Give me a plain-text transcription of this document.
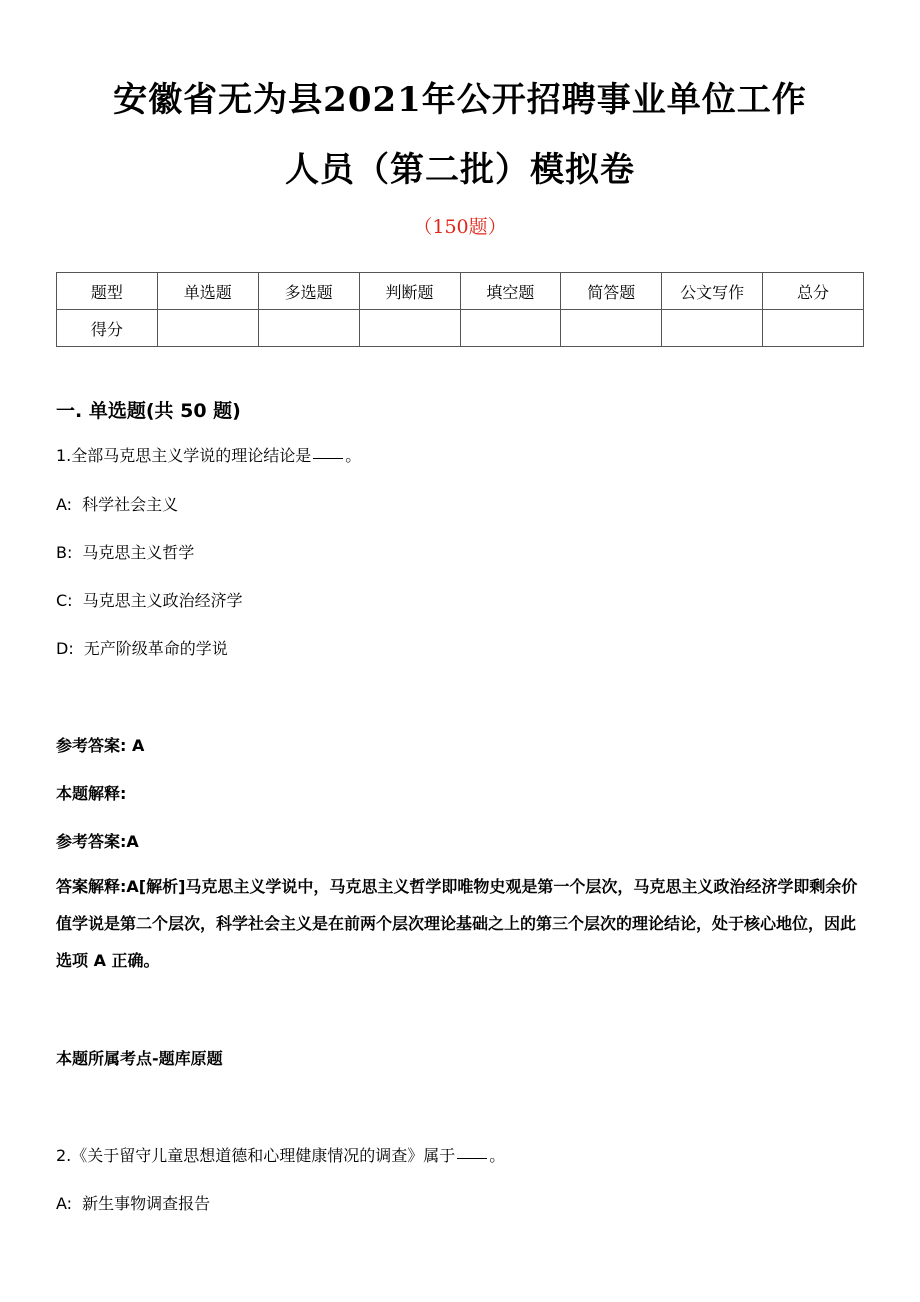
安徽省无为县2021年公开招聘事业单位工作
人员（第二批）模拟卷
（150题）
题型	单选题	多选题	判断题	填空题	简答题	公文写作	总分
得分							
一. 单选题(共 50 题)
1.全部马克思主义学说的理论结论是 。
A: 科学社会主义
B: 马克思主义哲学
C: 马克思主义政治经济学
D: 无产阶级革命的学说
参考答案: A
本题解释:
参考答案:A
答案解释:A[解析]马克思主义学说中，马克思主义哲学即唯物史观是第一个层次，马克思主义政治经济学即剩余价值学说是第二个层次，科学社会主义是在前两个层次理论基础之上的第三个层次的理论结论，处于核心地位，因此选项 A 正确。
本题所属考点-题库原题
2.《关于留守儿童思想道德和心理健康情况的调查》属于 。
A: 新生事物调查报告
